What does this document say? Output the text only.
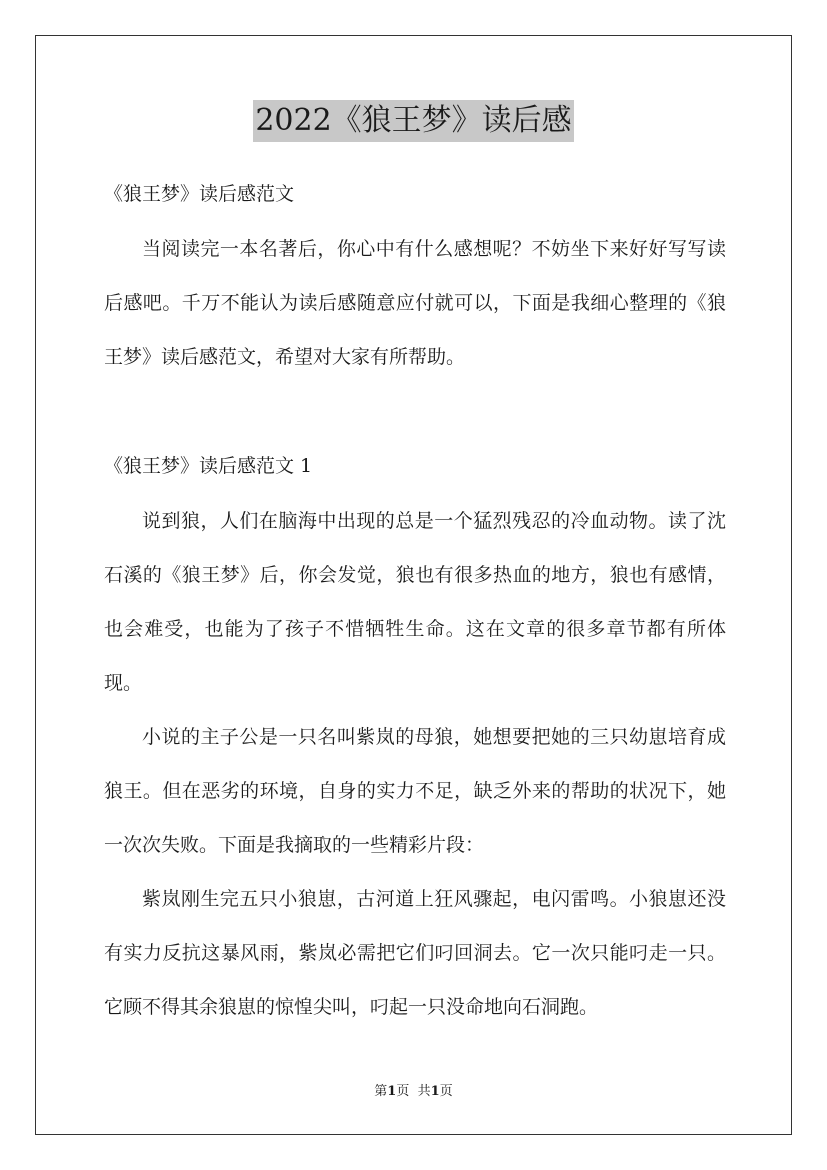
2022《狼王梦》读后感
《狼王梦》读后感范文

当阅读完一本名著后，你心中有什么感想呢？不妨坐下来好好写写读后感吧。千万不能认为读后感随意应付就可以，下面是我细心整理的《狼王梦》读后感范文，希望对大家有所帮助。

《狼王梦》读后感范文 1

说到狼，人们在脑海中出现的总是一个猛烈残忍的冷血动物。读了沈石溪的《狼王梦》后，你会发觉，狼也有很多热血的地方，狼也有感情，也会难受，也能为了孩子不惜牺牲生命。这在文章的很多章节都有所体现。

小说的主子公是一只名叫紫岚的母狼，她想要把她的三只幼崽培育成狼王。但在恶劣的环境，自身的实力不足，缺乏外来的帮助的状况下，她一次次失败。下面是我摘取的一些精彩片段：

紫岚刚生完五只小狼崽，古河道上狂风骤起，电闪雷鸣。小狼崽还没有实力反抗这暴风雨，紫岚必需把它们叼回洞去。它一次只能叼走一只。它顾不得其余狼崽的惊惶尖叫，叼起一只没命地向石洞跑。

第1页 共1页
